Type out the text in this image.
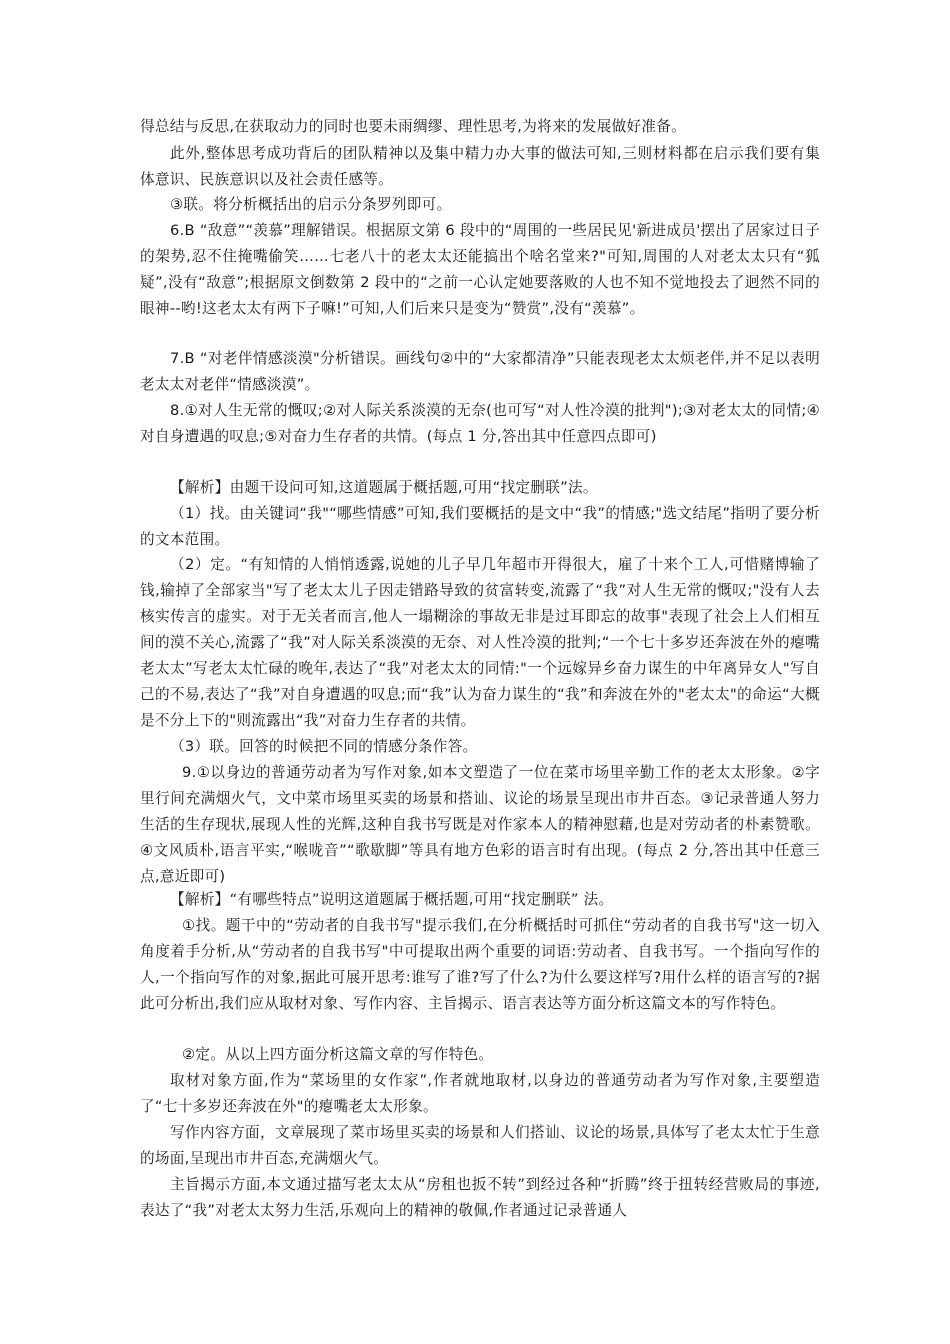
得总结与反思,在获取动力的同时也要未雨绸缪、理性思考,为将来的发展做好准备。

此外,整体思考成功背后的团队精神以及集中精力办大事的做法可知,三则材料都在启示我们要有集体意识、民族意识以及社会责任感等。

③联。将分析概括出的启示分条罗列即可。

6.B “敌意”“羡慕”理解错误。根据原文第 6 段中的“周围的一些居民见'新进成员'摆出了居家过日子的架势,忍不住掩嘴偷笑……七老八十的老太太还能搞出个啥名堂来?"可知,周围的人对老太太只有“狐疑”,没有“敌意”;根据原文倒数第 2 段中的“之前一心认定她要落败的人也不知不觉地投去了迥然不同的眼神--哟!这老太太有两下子嘛!”可知,人们后来只是变为“赞赏”,没有“羡慕”。

7.B “对老伴情感淡漠"分析错误。画线句②中的“大家都清净”只能表现老太太烦老伴,并不足以表明老太太对老伴“情感淡漠”。

8.①对人生无常的慨叹;②对人际关系淡漠的无奈(也可写“对人性冷漠的批判");③对老太太的同情;④对自身遭遇的叹息;⑤对奋力生存者的共情。(每点 1 分,答出其中任意四点即可)

【解析】由题干设问可知,这道题属于概括题,可用“找定删联”法。

（1）找。由关键词“我"“哪些情感”可知,我们要概括的是文中“我”的情感;"选文结尾”指明了要分析的文本范围。

（2）定。“有知情的人悄悄透露,说她的儿子早几年超市开得很大，雇了十来个工人,可惜赌博输了钱,输掉了全部家当"写了老太太儿子因走错路导致的贫富转变,流露了“我”对人生无常的慨叹;"没有人去核实传言的虚实。对于无关者而言,他人一塌糊涂的事故无非是过耳即忘的故事"表现了社会上人们相互间的漠不关心,流露了“我”对人际关系淡漠的无奈、对人性冷漠的批判;“一个七十多岁还奔波在外的瘪嘴老太太”写老太太忙碌的晚年,表达了“我”对老太太的同情:"一个远嫁异乡奋力谋生的中年离异女人"写自己的不易,表达了“我”对自身遭遇的叹息;而“我”认为奋力谋生的“我”和奔波在外的"老太太"的命运“大概是不分上下的"则流露出“我”对奋力生存者的共情。

（3）联。回答的时候把不同的情感分条作答。

9.①以身边的普通劳动者为写作对象,如本文塑造了一位在菜市场里辛勤工作的老太太形象。②字里行间充满烟火气，文中菜市场里买卖的场景和搭讪、议论的场景呈现出市井百态。③记录普通人努力生活的生存现状,展现人性的光辉,这种自我书写既是对作家本人的精神慰藉,也是对劳动者的朴素赞歌。④文风质朴,语言平实,“喉咙音”“歌歇脚”等具有地方色彩的语言时有出现。(每点 2 分,答出其中任意三点,意近即可)

【解析】“有哪些特点”说明这道题属于概括题,可用“找定删联” 法。

①找。题干中的“劳动者的自我书写"提示我们,在分析概括时可抓住“劳动者的自我书写"这一切入角度着手分析,从“劳动者的自我书写"中可提取出两个重要的词语:劳动者、自我书写。一个指向写作的人,一个指向写作的对象,据此可展开思考:谁写了谁?写了什么?为什么要这样写?用什么样的语言写的?据此可分析出,我们应从取材对象、写作内容、主旨揭示、语言表达等方面分析这篇文本的写作特色。

②定。从以上四方面分析这篇文章的写作特色。

取材对象方面,作为“菜场里的女作家”,作者就地取材,以身边的普通劳动者为写作对象,主要塑造了“七十多岁还奔波在外"的瘪嘴老太太形象。

写作内容方面，文章展现了菜市场里买卖的场景和人们搭讪、议论的场景,具体写了老太太忙于生意的场面,呈现出市井百态,充满烟火气。

主旨揭示方面,本文通过描写老太太从“房租也扳不转”到经过各种“折腾”终于扭转经营败局的事迹,表达了“我”对老太太努力生活,乐观向上的精神的敬佩,作者通过记录普通人
